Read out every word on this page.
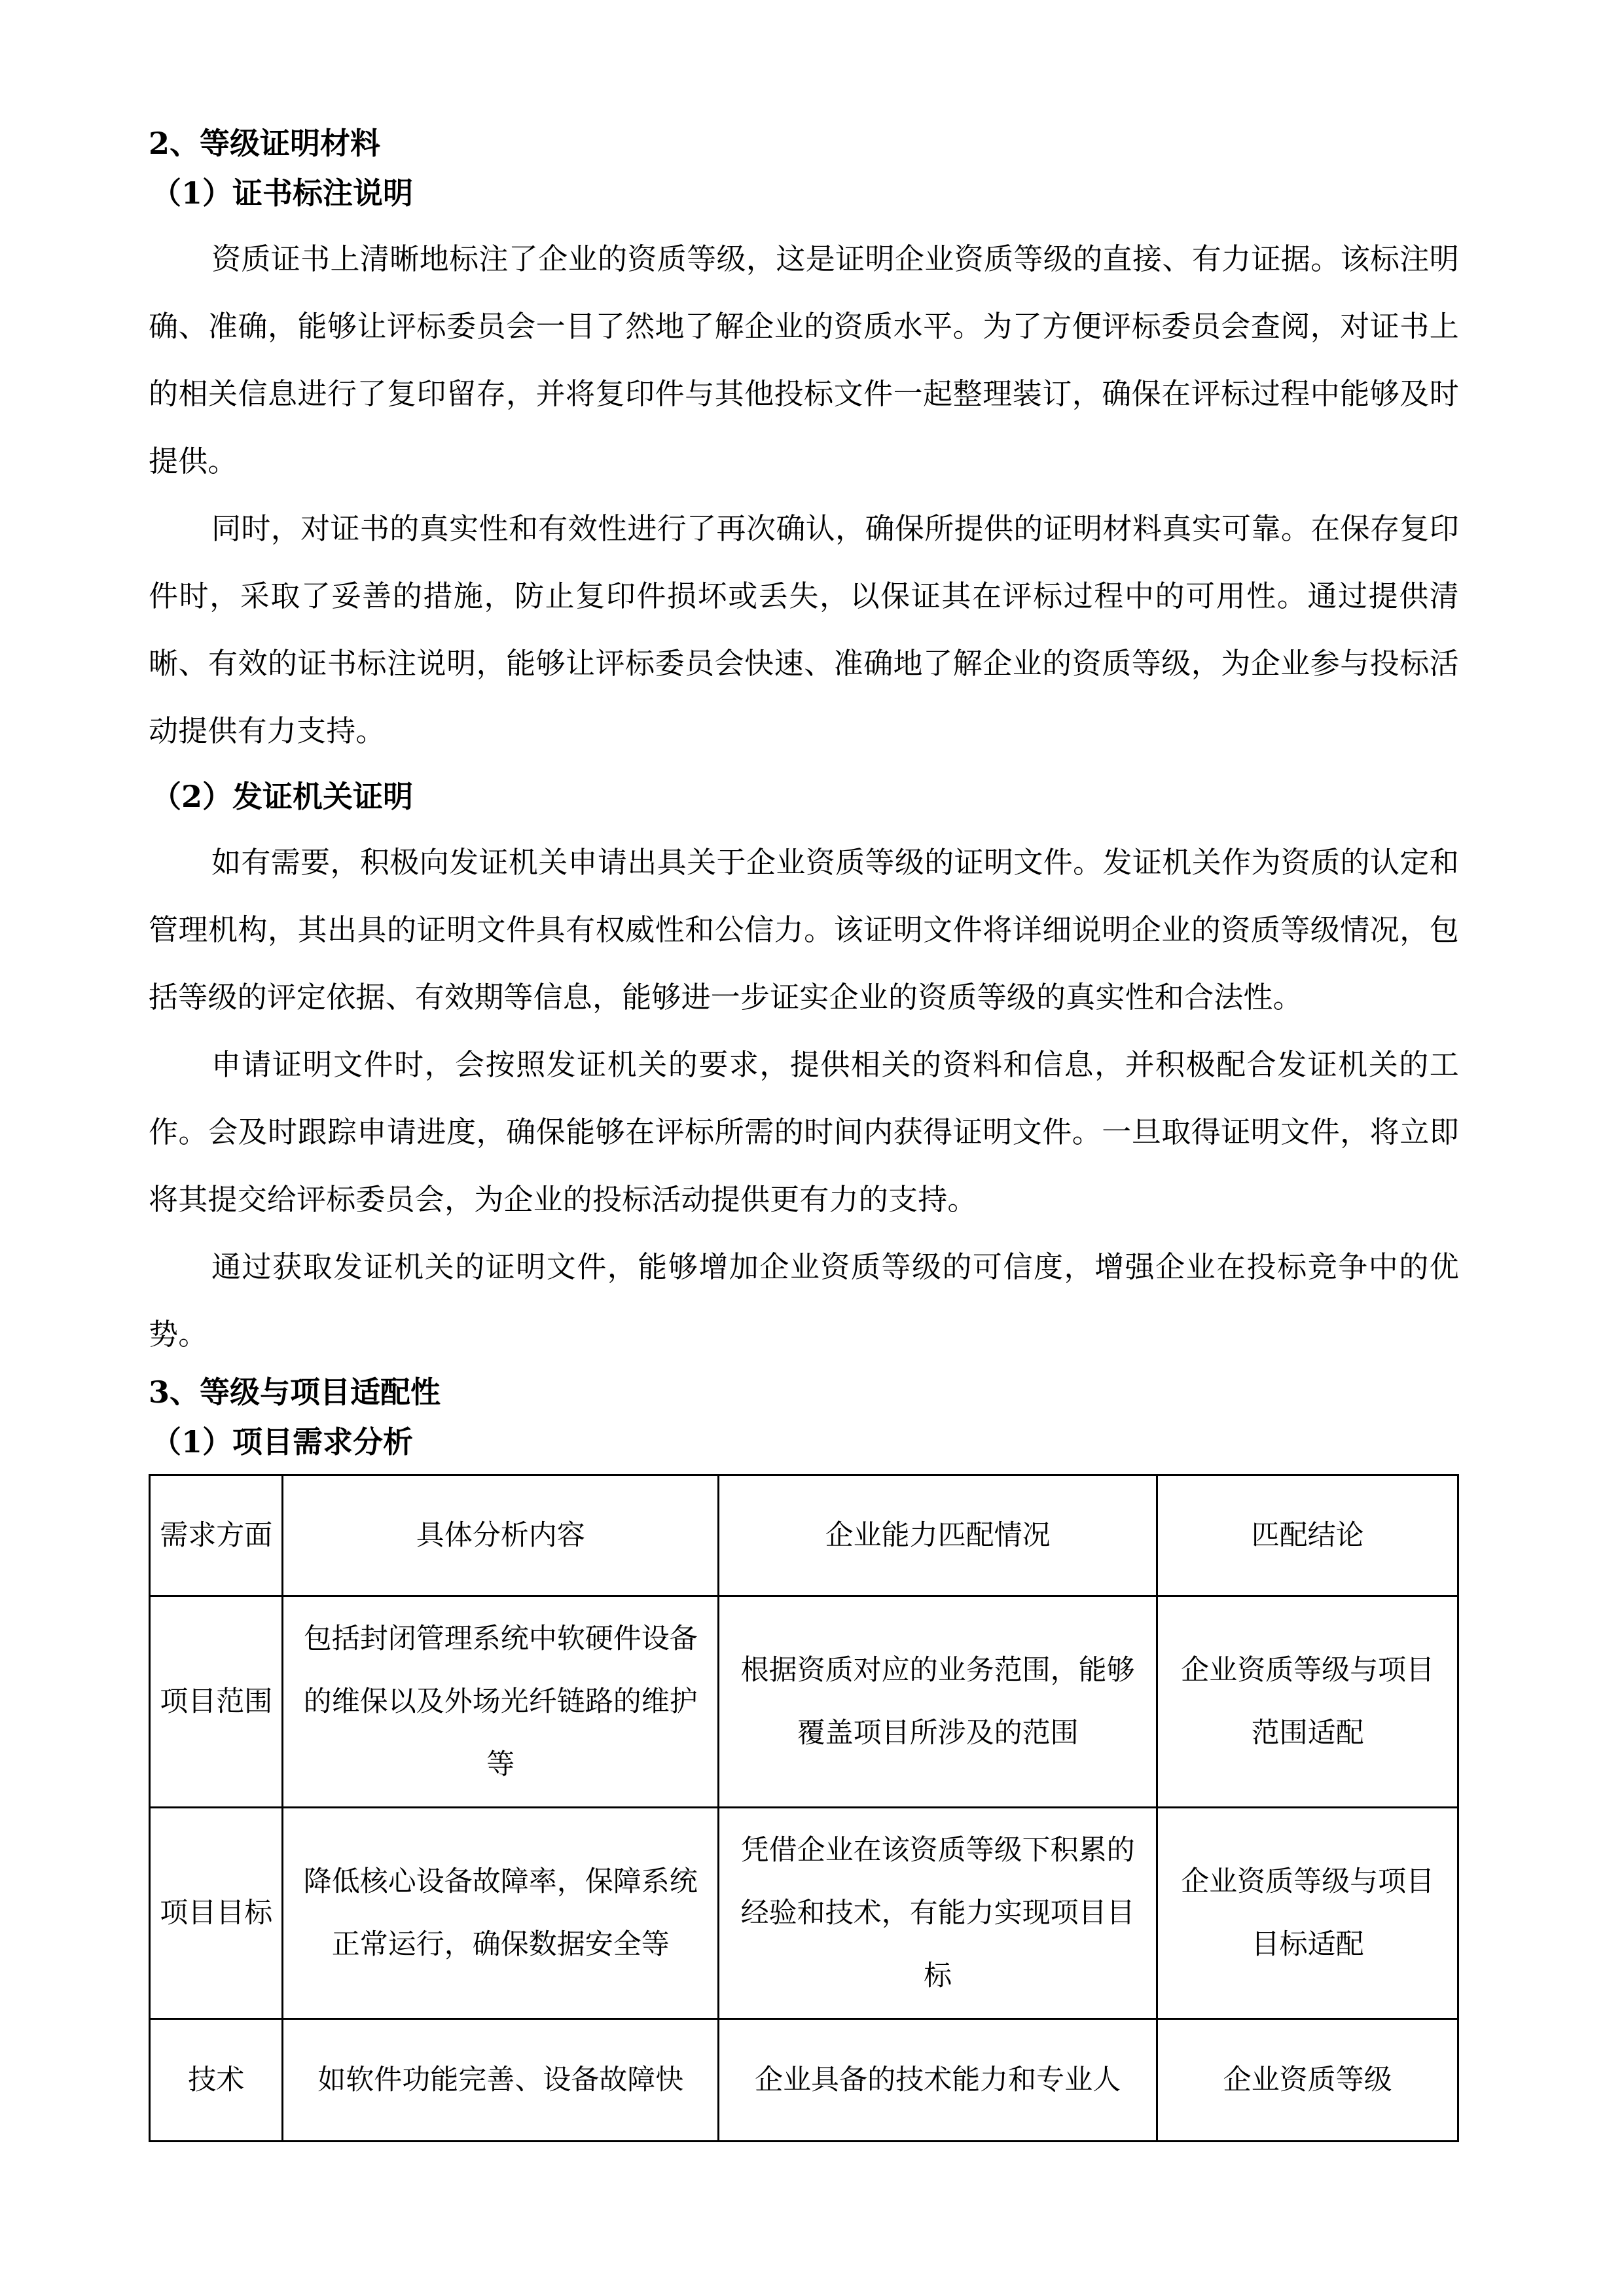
2、等级证明材料
（1）证书标注说明

资质证书上清晰地标注了企业的资质等级，这是证明企业资质等级的直接、有力证据。该标注明确、准确，能够让评标委员会一目了然地了解企业的资质水平。为了方便评标委员会查阅，对证书上的相关信息进行了复印留存，并将复印件与其他投标文件一起整理装订，确保在评标过程中能够及时提供。

同时，对证书的真实性和有效性进行了再次确认，确保所提供的证明材料真实可靠。在保存复印件时，采取了妥善的措施，防止复印件损坏或丢失，以保证其在评标过程中的可用性。通过提供清晰、有效的证书标注说明，能够让评标委员会快速、准确地了解企业的资质等级，为企业参与投标活动提供有力支持。

（2）发证机关证明

如有需要，积极向发证机关申请出具关于企业资质等级的证明文件。发证机关作为资质的认定和管理机构，其出具的证明文件具有权威性和公信力。该证明文件将详细说明企业的资质等级情况，包括等级的评定依据、有效期等信息，能够进一步证实企业的资质等级的真实性和合法性。

申请证明文件时，会按照发证机关的要求，提供相关的资料和信息，并积极配合发证机关的工作。会及时跟踪申请进度，确保能够在评标所需的时间内获得证明文件。一旦取得证明文件，将立即将其提交给评标委员会，为企业的投标活动提供更有力的支持。

通过获取发证机关的证明文件，能够增加企业资质等级的可信度，增强企业在投标竞争中的优势。

3、等级与项目适配性
（1）项目需求分析
需求方面	具体分析内容	企业能力匹配情况	匹配结论
项目范围	包括封闭管理系统中软硬件设备的维保以及外场光纤链路的维护等	根据资质对应的业务范围，能够覆盖项目所涉及的范围	企业资质等级与项目范围适配
项目目标	降低核心设备故障率，保障系统正常运行，确保数据安全等	凭借企业在该资质等级下积累的经验和技术，有能力实现项目目标	企业资质等级与项目目标适配
技术	如软件功能完善、设备故障快	企业具备的技术能力和专业人	企业资质等级
